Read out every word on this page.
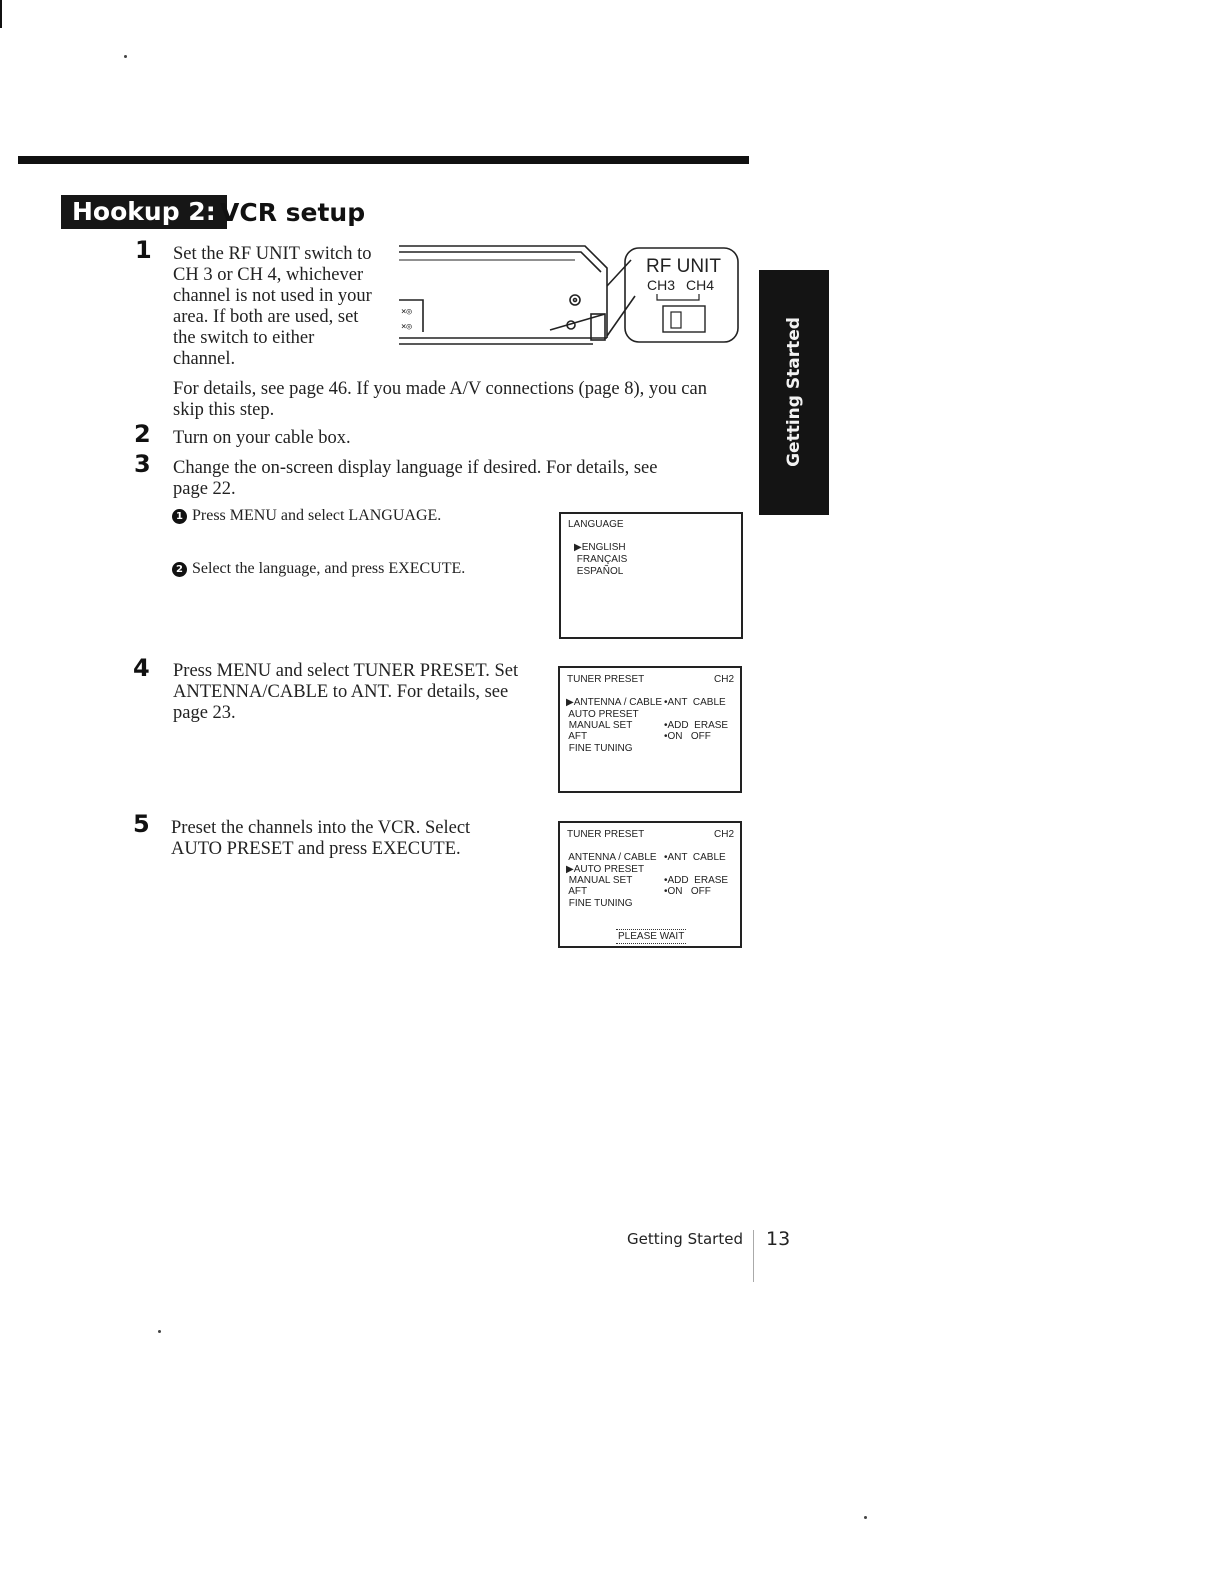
Hookup 2: VCR setup
1 Set the RF UNIT switch to
CH 3 or CH 4, whichever
channel is not used in your
area. If both are used, set
the switch to either
channel.
×◎
×◎
RF UNIT
CH3 CH4
For details, see page 46. If you made A/V connections (page 8), you can
skip this step.
2 Turn on your cable box.
3 Change the on-screen display language if desired. For details, see
page 22.
1 Press MENU and select LANGUAGE.
2 Select the language, and press EXECUTE.
LANGUAGE
▶ENGLISH
FRANÇAIS
ESPAÑOL
4 Press MENU and select TUNER PRESET. Set
ANTENNA/CABLE to ANT. For details, see
page 23.
TUNER PRESET	CH2
▶ANTENNA / CABLE •ANT  CABLE
AUTO PRESET
MANUAL SET	•ADD  ERASE
AFT	•ON   OFF
FINE TUNING
5 Preset the channels into the VCR. Select
AUTO PRESET and press EXECUTE.
TUNER PRESET	CH2
ANTENNA / CABLE •ANT  CABLE
▶AUTO PRESET
MANUAL SET	•ADD  ERASE
AFT	•ON   OFF
FINE TUNING
PLEASE WAIT
Getting Started
Getting Started 13
